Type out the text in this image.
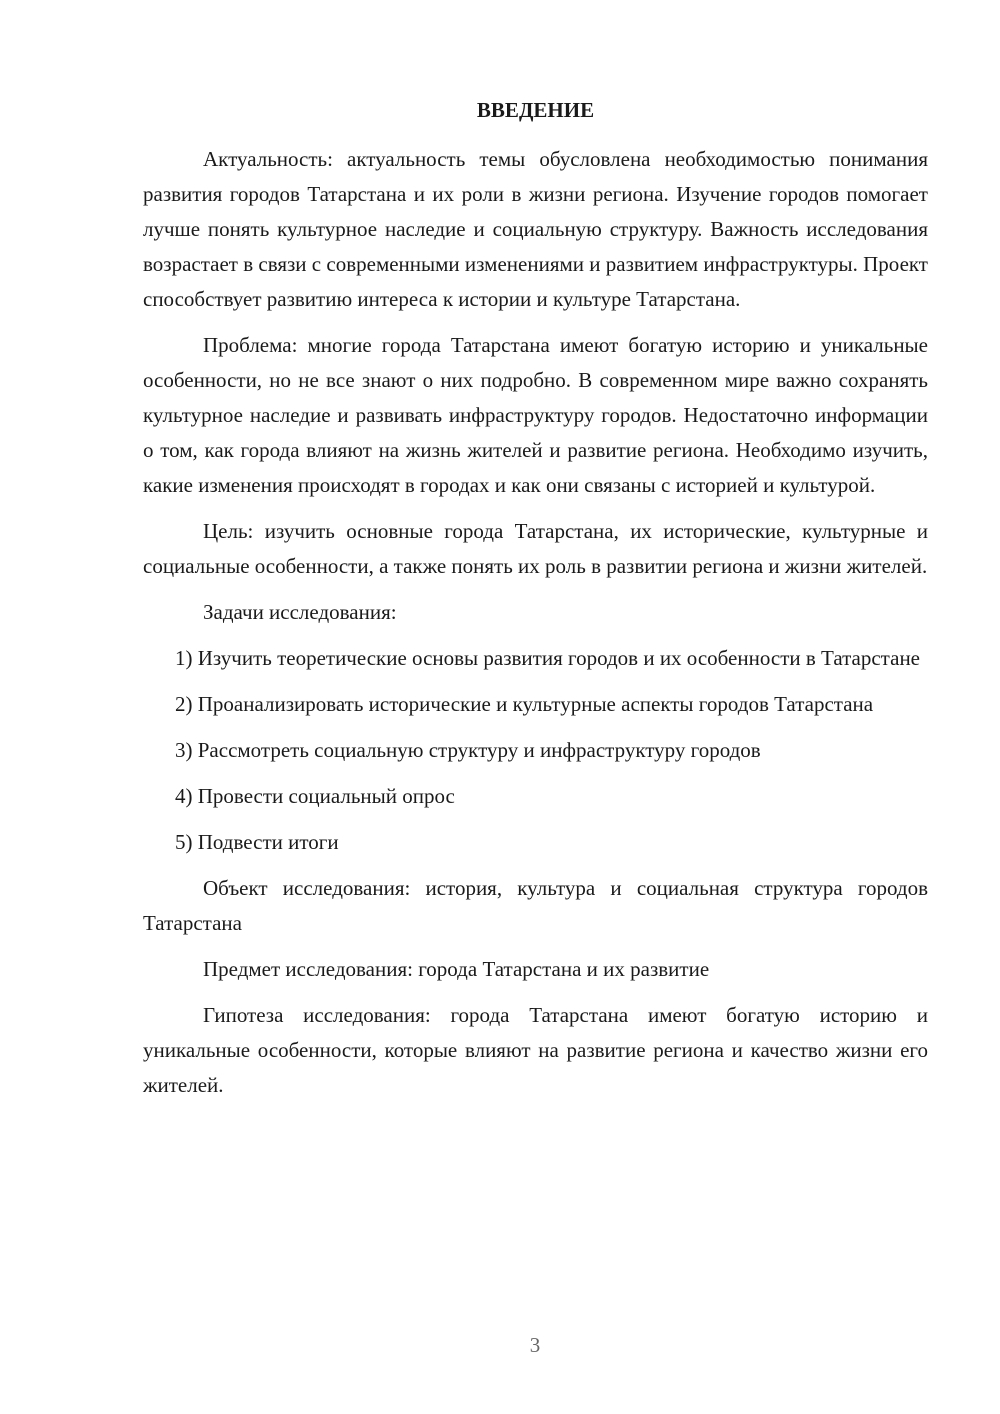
ВВЕДЕНИЕ

Актуальность: актуальность темы обусловлена необходимостью понимания развития городов Татарстана и их роли в жизни региона. Изучение городов помогает лучше понять культурное наследие и социальную структуру. Важность исследования возрастает в связи с современными изменениями и развитием инфраструктуры. Проект способствует развитию интереса к истории и культуре Татарстана.

Проблема: многие города Татарстана имеют богатую историю и уникальные особенности, но не все знают о них подробно. В современном мире важно сохранять культурное наследие и развивать инфраструктуру городов. Недостаточно информации о том, как города влияют на жизнь жителей и развитие региона. Необходимо изучить, какие изменения происходят в городах и как они связаны с историей и культурой.

Цель: изучить основные города Татарстана, их исторические, культурные и социальные особенности, а также понять их роль в развитии региона и жизни жителей.

Задачи исследования:

1) Изучить теоретические основы развития городов и их особенности в Татарстане

2) Проанализировать исторические и культурные аспекты городов Татарстана

3) Рассмотреть социальную структуру и инфраструктуру городов

4) Провести социальный опрос

5) Подвести итоги

Объект исследования: история, культура и социальная структура городов Татарстана

Предмет исследования: города Татарстана и их развитие

Гипотеза исследования: города Татарстана имеют богатую историю и уникальные особенности, которые влияют на развитие региона и качество жизни его жителей.

3
